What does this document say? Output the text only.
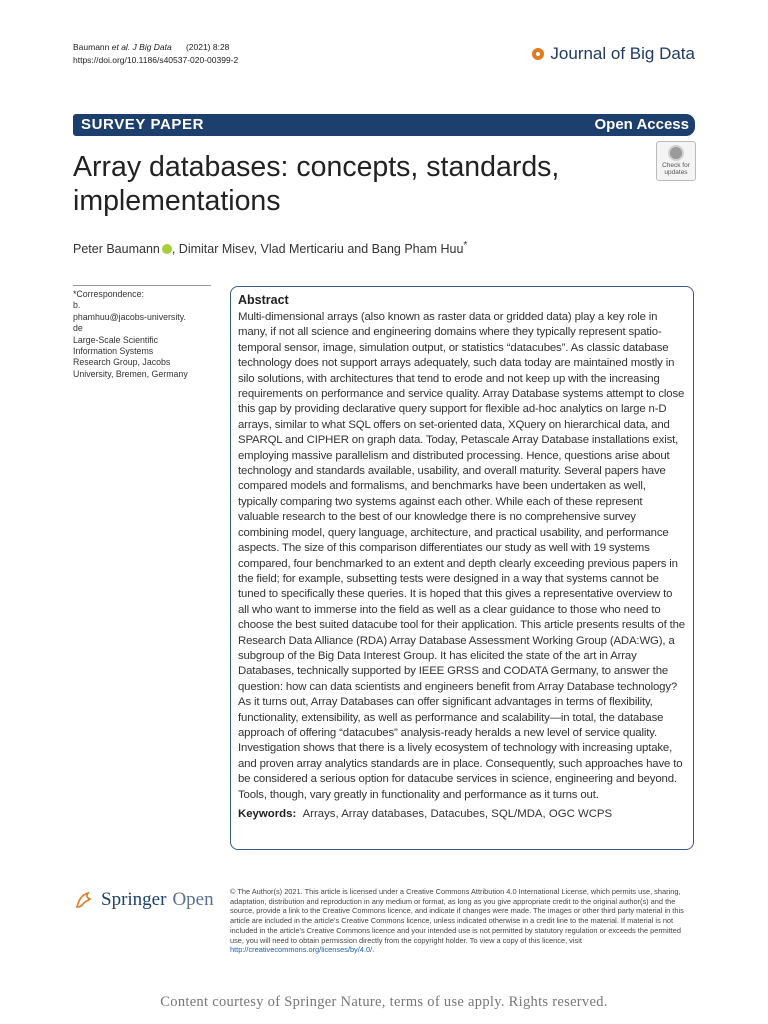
Baumann et al. J Big Data (2021) 8:28
https://doi.org/10.1186/s40537-020-00399-2	Journal of Big Data
SURVEY PAPER	Open Access
Array databases: concepts, standards, implementations
Check for updates
Peter Baumann , Dimitar Misev, Vlad Merticariu and Bang Pham Huu*
*Correspondence:
b.
phamhuu@jacobs-university.
de
Large-Scale Scientific
Information Systems
Research Group, Jacobs
University, Bremen, Germany
Abstract

Multi-dimensional arrays (also known as raster data or gridded data) play a key role in many, if not all science and engineering domains where they typically represent spatio-temporal sensor, image, simulation output, or statistics “datacubes”. As classic database technology does not support arrays adequately, such data today are maintained mostly in silo solutions, with architectures that tend to erode and not keep up with the increasing requirements on performance and service quality. Array Database systems attempt to close this gap by providing declarative query support for flexible ad-hoc analytics on large n-D arrays, similar to what SQL offers on set-oriented data, XQuery on hierarchical data, and SPARQL and CIPHER on graph data. Today, Petascale Array Database installations exist, employing massive parallelism and distributed processing. Hence, questions arise about technology and standards available, usability, and overall maturity. Several papers have compared models and formalisms, and benchmarks have been undertaken as well, typically comparing two systems against each other. While each of these represent valuable research to the best of our knowledge there is no comprehensive survey combining model, query language, architecture, and practical usability, and performance aspects. The size of this comparison differentiates our study as well with 19 systems compared, four benchmarked to an extent and depth clearly exceeding previous papers in the field; for example, subsetting tests were designed in a way that systems cannot be tuned to specifically these queries. It is hoped that this gives a representative overview to all who want to immerse into the field as well as a clear guidance to those who need to choose the best suited datacube tool for their application. This article presents results of the Research Data Alliance (RDA) Array Database Assessment Working Group (ADA:WG), a subgroup of the Big Data Interest Group. It has elicited the state of the art in Array Databases, technically supported by IEEE GRSS and CODATA Germany, to answer the question: how can data scientists and engineers benefit from Array Database technology? As it turns out, Array Databases can offer significant advantages in terms of flexibility, functionality, extensibility, as well as performance and scalability—in total, the database approach of offering “datacubes” analysis-ready heralds a new level of service quality. Investigation shows that there is a lively ecosystem of technology with increasing uptake, and proven array analytics standards are in place. Consequently, such approaches have to be considered a serious option for datacube services in science, engineering and beyond. Tools, though, vary greatly in functionality and performance as it turns out.

Keywords: Arrays, Array databases, Datacubes, SQL/MDA, OGC WCPS
Springer Open © The Author(s) 2021. This article is licensed under a Creative Commons Attribution 4.0 International License, which permits use, sharing, adaptation, distribution and reproduction in any medium or format, as long as you give appropriate credit to the original author(s) and the source, provide a link to the Creative Commons licence, and indicate if changes were made. The images or other third party material in this article are included in the article’s Creative Commons licence, unless indicated otherwise in a credit line to the material. If material is not included in the article’s Creative Commons licence and your intended use is not permitted by statutory regulation or exceeds the permitted use, you will need to obtain permission directly from the copyright holder. To view a copy of this licence, visit http://creativecommons.org/licenses/by/4.0/.
Content courtesy of Springer Nature, terms of use apply. Rights reserved.
